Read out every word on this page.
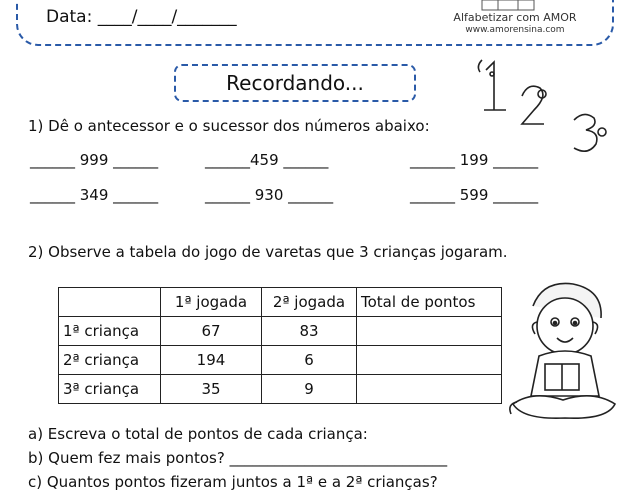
Data: ____/____/_______	Alfabetizar com AMOR
www.amorensina.com
Recordando...
1) Dê o antecessor e o sucessor dos números abaixo:
______ 999 ______	______459 ______	______ 199 ______
______ 349 ______	______ 930 ______	______ 599 ______
2) Observe a tabela do jogo de varetas que 3 crianças jogaram.
	1ª jogada	2ª jogada	Total de pontos
1ª criança	67	83	
2ª criança	194	6	
3ª criança	35	9	
a) Escreva o total de pontos de cada criança:
b) Quem fez mais pontos? _____________________________
c) Quantos pontos fizeram juntos a 1ª e a 2ª crianças?
